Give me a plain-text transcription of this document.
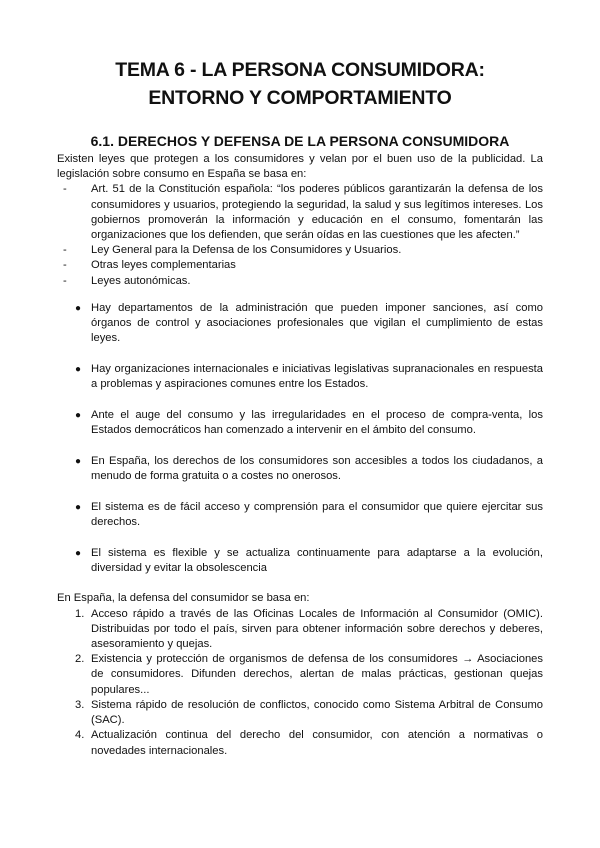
TEMA 6 - LA PERSONA CONSUMIDORA:
ENTORNO Y COMPORTAMIENTO
6.1. DERECHOS Y DEFENSA DE LA PERSONA CONSUMIDORA

Existen leyes que protegen a los consumidores y velan por el buen uso de la publicidad. La legislación sobre consumo en España se basa en:

- Art. 51 de la Constitución española: “los poderes públicos garantizarán la defensa de los consumidores y usuarios, protegiendo la seguridad, la salud y sus legítimos intereses. Los gobiernos promoverán la información y educación en el consumo, fomentarán las organizaciones que los defienden, que serán oídas en las cuestiones que les afecten.”
- Ley General para la Defensa de los Consumidores y Usuarios.
- Otras leyes complementarias
- Leyes autonómicas.
● Hay departamentos de la administración que pueden imponer sanciones, así como órganos de control y asociaciones profesionales que vigilan el cumplimiento de estas leyes.
● Hay organizaciones internacionales e iniciativas legislativas supranacionales en respuesta a problemas y aspiraciones comunes entre los Estados.
● Ante el auge del consumo y las irregularidades en el proceso de compra-venta, los Estados democráticos han comenzado a intervenir en el ámbito del consumo.
● En España, los derechos de los consumidores son accesibles a todos los ciudadanos, a menudo de forma gratuita o a costes no onerosos.
● El sistema es de fácil acceso y comprensión para el consumidor que quiere ejercitar sus derechos.
● El sistema es flexible y se actualiza continuamente para adaptarse a la evolución, diversidad y evitar la obsolescencia

En España, la defensa del consumidor se basa en:

1. Acceso rápido a través de las Oficinas Locales de Información al Consumidor (OMIC). Distribuidas por todo el país, sirven para obtener información sobre derechos y deberes, asesoramiento y quejas.
2. Existencia y protección de organismos de defensa de los consumidores → Asociaciones de consumidores. Difunden derechos, alertan de malas prácticas, gestionan quejas populares...
3. Sistema rápido de resolución de conflictos, conocido como Sistema Arbitral de Consumo (SAC).
4. Actualización continua del derecho del consumidor, con atención a normativas o novedades internacionales.
